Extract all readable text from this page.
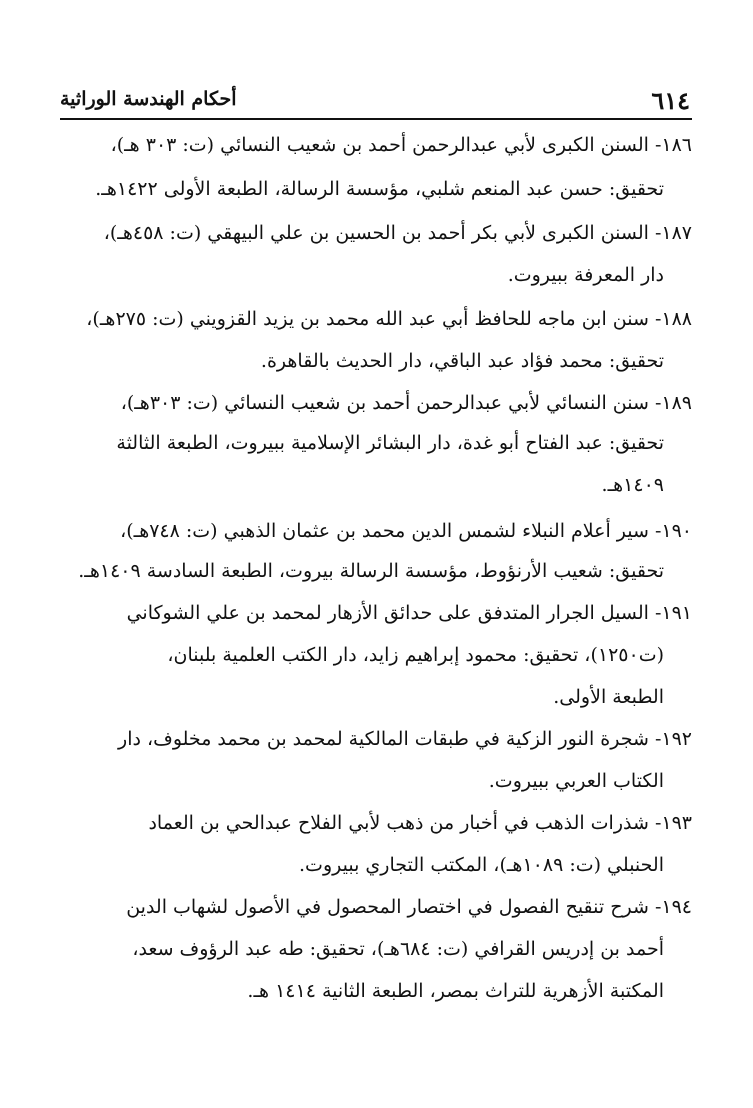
٦١٤
أحكام الهندسة الوراثية
١٨٦- السنن الكبرى لأبي عبدالرحمن أحمد بن شعيب النسائي (ت: ٣٠٣ هـ)،
تحقيق: حسن عبد المنعم شلبي، مؤسسة الرسالة، الطبعة الأولى ١٤٢٢هـ.
١٨٧- السنن الكبرى لأبي بكر أحمد بن الحسين بن علي البيهقي (ت: ٤٥٨هـ)،
دار المعرفة ببيروت.
١٨٨- سنن ابن ماجه للحافظ أبي عبد الله محمد بن يزيد القزويني (ت: ٢٧٥هـ)،
تحقيق: محمد فؤاد عبد الباقي، دار الحديث بالقاهرة.
١٨٩- سنن النسائي لأبي عبدالرحمن أحمد بن شعيب النسائي (ت: ٣٠٣هـ)،
تحقيق: عبد الفتاح أبو غدة، دار البشائر الإسلامية ببيروت، الطبعة الثالثة
١٤٠٩هـ.
١٩٠- سير أعلام النبلاء لشمس الدين محمد بن عثمان الذهبي (ت: ٧٤٨هـ)،
تحقيق: شعيب الأرنؤوط، مؤسسة الرسالة بيروت، الطبعة السادسة ١٤٠٩هـ.
١٩١- السيل الجرار المتدفق على حدائق الأزهار لمحمد بن علي الشوكاني
(ت١٢٥٠)، تحقيق: محمود إبراهيم زايد، دار الكتب العلمية بلبنان،
الطبعة الأولى.
١٩٢- شجرة النور الزكية في طبقات المالكية لمحمد بن محمد مخلوف، دار
الكتاب العربي ببيروت.
١٩٣- شذرات الذهب في أخبار من ذهب لأبي الفلاح عبدالحي بن العماد
الحنبلي (ت: ١٠٨٩هـ)، المكتب التجاري ببيروت.
١٩٤- شرح تنقيح الفصول في اختصار المحصول في الأصول لشهاب الدين
أحمد بن إدريس القرافي (ت: ٦٨٤هـ)، تحقيق: طه عبد الرؤوف سعد،
المكتبة الأزهرية للتراث بمصر، الطبعة الثانية ١٤١٤ هـ.
